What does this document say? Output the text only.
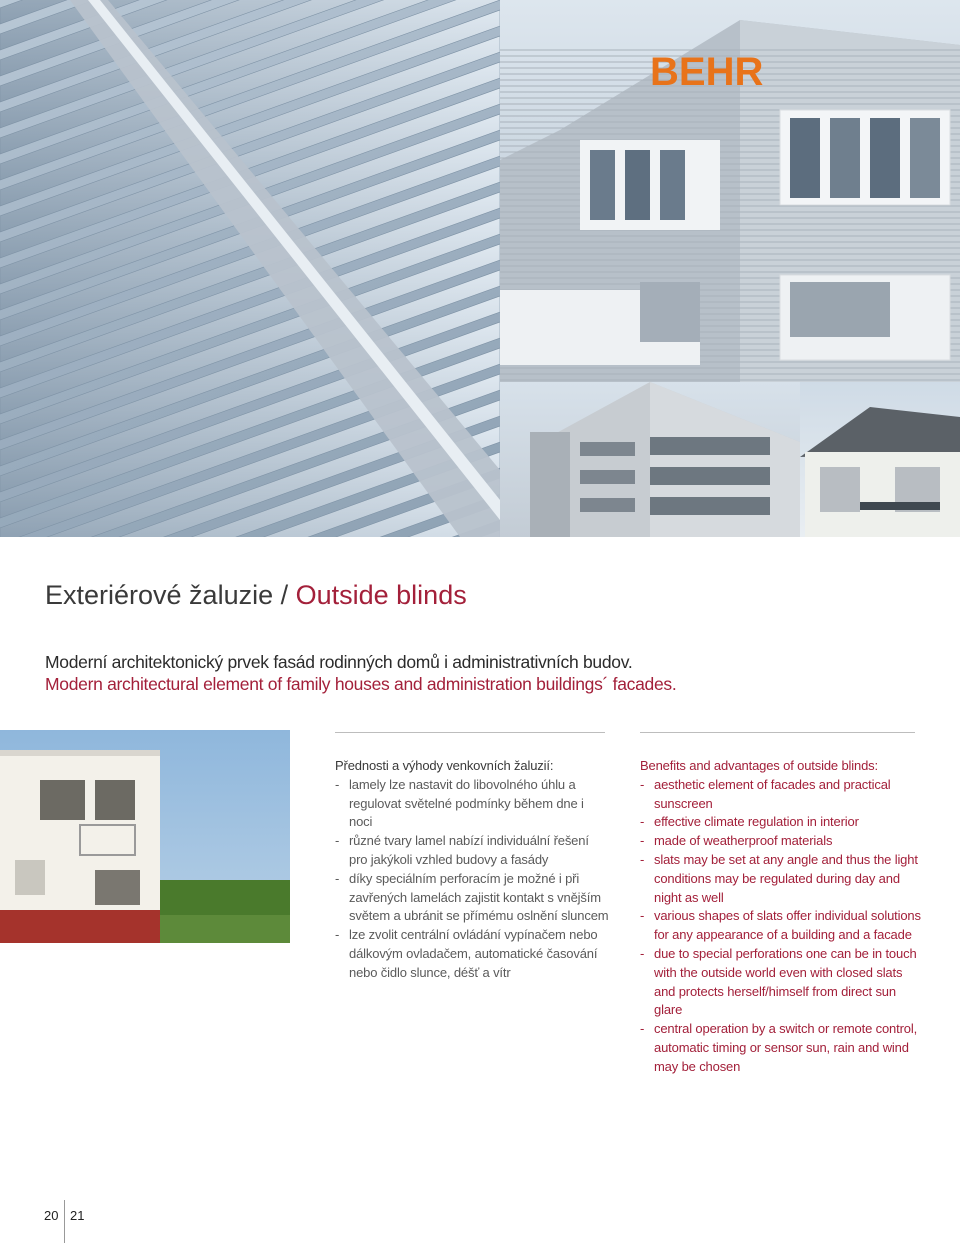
BEHR
Exteriérové žaluzie / Outside blinds
Moderní architektonický prvek fasád rodinných domů i administrativních budov.
Modern architectural element of family houses and administration buildings´ facades.
Přednosti a výhody venkovních žaluzií:
- lamely lze nastavit do libovolného úhlu a regulovat světelné podmínky během dne i noci
- různé tvary lamel nabízí individuální řešení pro jakýkoli vzhled budovy a fasády
- díky speciálním perforacím je možné i při zavřených lamelách zajistit kontakt s vnějším světem a ubránit se přímému oslnění sluncem
- lze zvolit centrální ovládání vypínačem nebo dálkovým ovladačem, automatické časování nebo čidlo slunce, déšť a vítr
Benefits and advantages of outside blinds:
- aesthetic element of facades and practical sunscreen
- effective climate regulation in interior
- made of weatherproof materials
- slats may be set at any angle and thus the light conditions may be regulated during day and night as well
- various shapes of slats offer individual solutions for any appearance of a building and a facade
- due to special perforations one can be in touch with the outside world even with closed slats and protects herself/himself from direct sun glare
- central operation by a switch or remote control, automatic timing or sensor sun, rain and wind may be chosen
20 21
